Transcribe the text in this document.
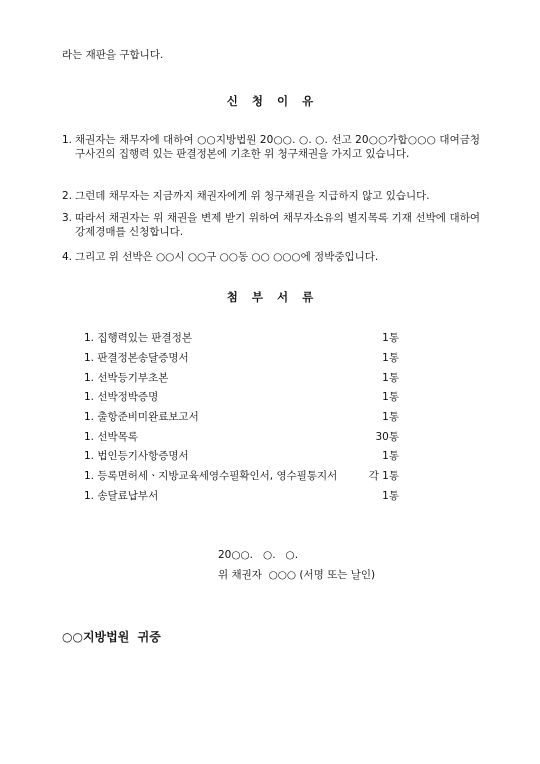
라는 재판을 구합니다.
신 청 이 유
1. 채권자는 채무자에 대하여 ○○지방법원 20○○. ○. ○. 선고 20○○가합○○○ 대여금청구사건의 집행력 있는 판결정본에 기초한 위 청구채권을 가지고 있습니다.
2. 그런데 채무자는 지금까지 채권자에게 위 청구채권을 지급하지 않고 있습니다.
3. 따라서 채권자는 위 채권을 변제 받기 위하여 채무자소유의 별지목록 기재 선박에 대하여 강제경매를 신청합니다.
4. 그리고 위 선박은 ○○시 ○○구 ○○동 ○○ ○○○에 정박중입니다.
첨 부 서 류
1. 집행력있는 판결정본	1통
1. 판결정본송달증명서	1통
1. 선박등기부초본	1통
1. 선박정박증명	1통
1. 출항준비미완료보고서	1통
1. 선박목록	30통
1. 법인등기사항증명서	1통
1. 등록면허세ㆍ지방교육세영수필확인서, 영수필통지서	각 1통
1. 송달료납부서	1통
20○○.   ○.   ○.
위 채권자  ○○○ (서명 또는 날인)
○○지방법원  귀중
